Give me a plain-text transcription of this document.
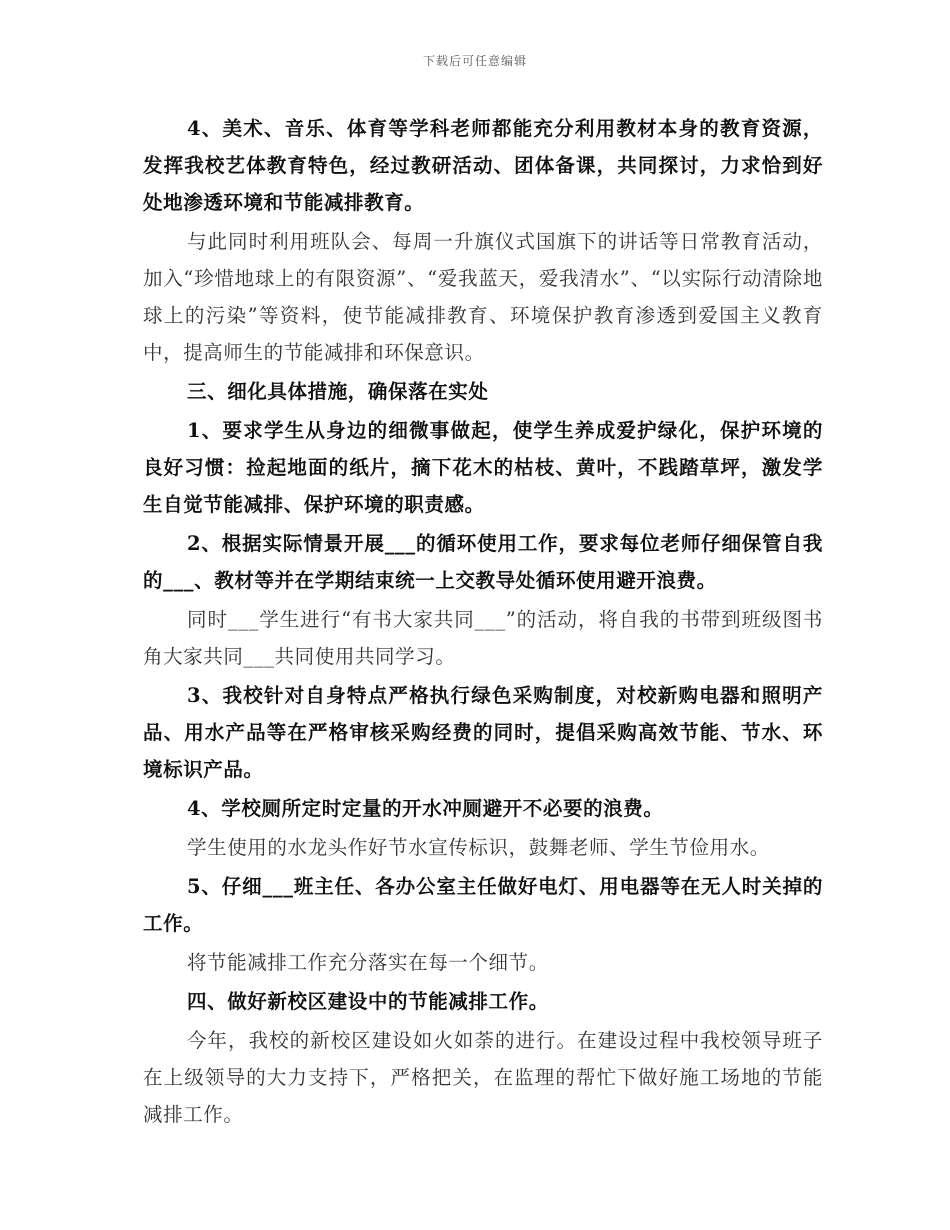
下载后可任意编辑

4、美术、音乐、体育等学科老师都能充分利用教材本身的教育资源，发挥我校艺体教育特色，经过教研活动、团体备课，共同探讨，力求恰到好处地渗透环境和节能减排教育。

与此同时利用班队会、每周一升旗仪式国旗下的讲话等日常教育活动，加入“珍惜地球上的有限资源”、“爱我蓝天，爱我清水”、“以实际行动清除地球上的污染”等资料，使节能减排教育、环境保护教育渗透到爱国主义教育中，提高师生的节能减排和环保意识。

三、细化具体措施，确保落在实处

1、要求学生从身边的细微事做起，使学生养成爱护绿化，保护环境的良好习惯：捡起地面的纸片，摘下花木的枯枝、黄叶，不践踏草坪，激发学生自觉节能减排、保护环境的职责感。

2、根据实际情景开展___的循环使用工作，要求每位老师仔细保管自我的___、教材等并在学期结束统一上交教导处循环使用避开浪费。

同时___学生进行“有书大家共同___”的活动，将自我的书带到班级图书角大家共同___共同使用共同学习。

3、我校针对自身特点严格执行绿色采购制度，对校新购电器和照明产品、用水产品等在严格审核采购经费的同时，提倡采购高效节能、节水、环境标识产品。

4、学校厕所定时定量的开水冲厕避开不必要的浪费。

学生使用的水龙头作好节水宣传标识，鼓舞老师、学生节俭用水。

5、仔细___班主任、各办公室主任做好电灯、用电器等在无人时关掉的工作。

将节能减排工作充分落实在每一个细节。

四、做好新校区建设中的节能减排工作。

今年，我校的新校区建设如火如荼的进行。在建设过程中我校领导班子在上级领导的大力支持下，严格把关，在监理的帮忙下做好施工场地的节能减排工作。
